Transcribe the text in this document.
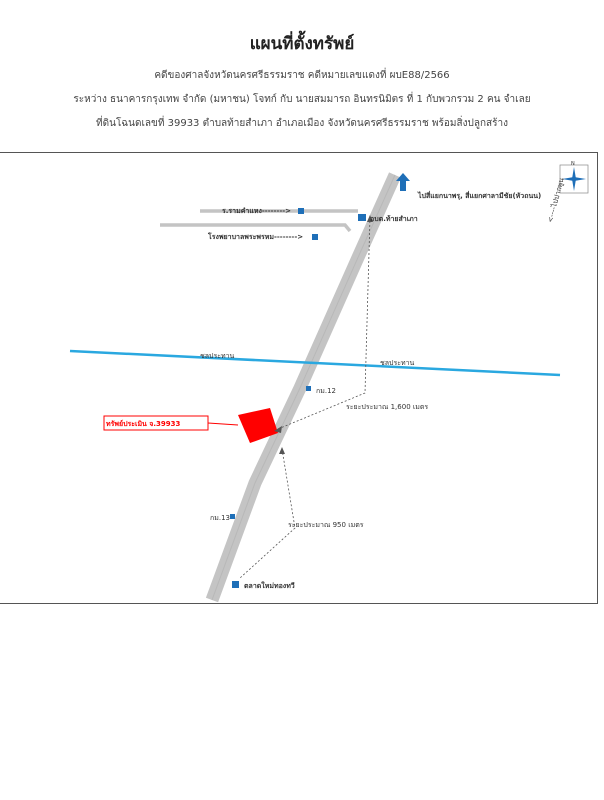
แผนที่ตั้งทรัพย์
คดีของศาลจังหวัดนครศรีธรรมราช คดีหมายเลขแดงที่ ผบE88/2566
ระหว่าง ธนาคารกรุงเทพ จำกัด (มหาชน) โจทก์ กับ นายสมมารถ อินทรนิมิตร ที่ 1 กับพวกรวม 2 คน จำเลย
ที่ดินโฉนดเลขที่ 39933 ตำบลท้ายสำเภา อำเภอเมือง จังหวัดนครศรีธรรมราช พร้อมสิ่งปลูกสร้าง
N
ไปสี่แยกนาพรุ, สี่แยกศาลามีชัย(หัวถนน)
ร.รามคำแหง-------->
โรงพยาบาลพระพรหม-------->
อบต.ท้ายสำเภา	<----ไปปากพูน
ชลประทาน
ชลประทาน
กม.12
ระยะประมาณ 1,600 เมตร
ทรัพย์ประเมิน จ.39933
กม.13
ระยะประมาณ 950 เมตร
ตลาดใหม่ทองทวี
